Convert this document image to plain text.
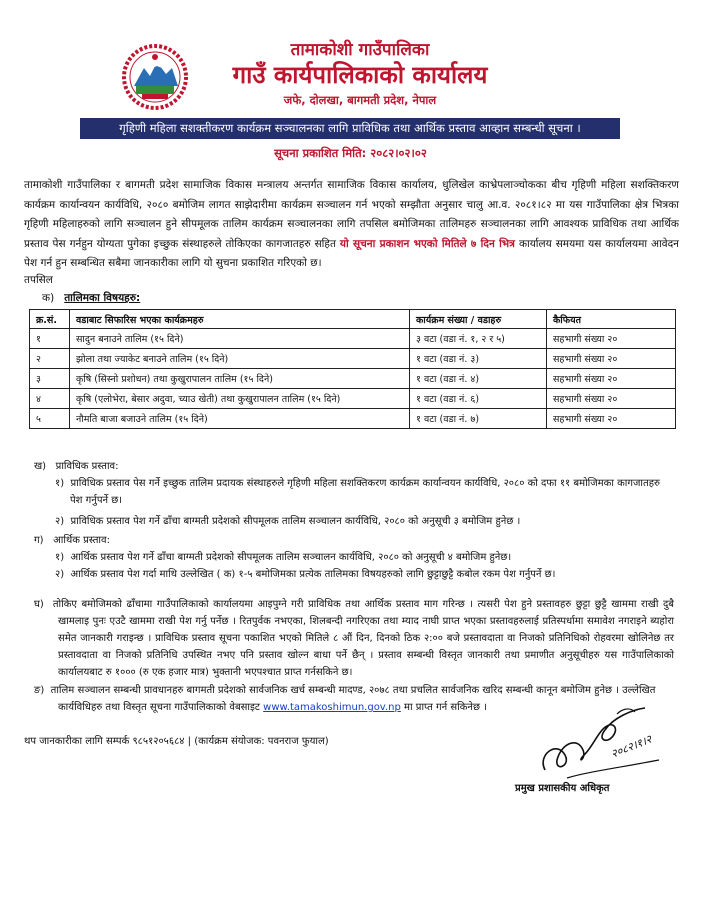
तामाकोशी गाउँपालिका
गाउँ कार्यपालिकाको कार्यालय
जफे, दोलखा, बागमती प्रदेश, नेपाल
गृहिणी महिला सशक्तीकरण कार्यक्रम सञ्चालनका लागि प्राविधिक तथा आर्थिक प्रस्ताव आव्हान सम्बन्धी सूचना ।
सूचना प्रकाशित मिति: २०८२।०२।०२
तामाकोशी गाउँपालिका र बागमती प्रदेश सामाजिक विकास मन्त्रालय अन्तर्गत सामाजिक विकास कार्यालय, धुलिखेल काभ्रेपलाञ्चोकका बीच गृहिणी महिला सशक्तिकरण कार्यक्रम कार्यान्वयन कार्यविधि, २०८० बमोजिम लागत साझेदारीमा कार्यक्रम सञ्चालन गर्न भएको सम्झौता अनुसार चालु आ.व. २०८१।८२ मा यस गाउँपालिका क्षेत्र भित्रका गृहिणी महिलाहरुको लागि सञ्चालन हुने सीपमूलक तालिम कार्यक्रम सञ्चालनका लागि तपसिल बमोजिमका तालिमहरु सञ्चालनका लागि आवश्यक प्राविधिक तथा आर्थिक प्रस्ताव पेस गर्नहुन योग्यता पुगेका इच्छुक संस्थाहरुले तोकिएका कागजातहरु सहित यो सूचना प्रकाशन भएको मितिले ७ दिन भित्र कार्यालय समयमा यस कार्यालयमा आवेदन पेश गर्न हुन सम्बन्धित सबैमा जानकारीका लागि यो सुचना प्रकाशित गरिएको छ।
तपसिल
क) तालिमका विषयहरु:
क्र.सं.	वडाबाट सिफारिस भएका कार्यक्रमहरु	कार्यक्रम संख्या / वडाहरु	कैफियत
१	सादुन बनाउने तालिम (१५ दिने)	३ वटा (वडा नं. १, २ र ५)	सहभागी संख्या २०
२	झोला तथा ज्याकेट बनाउने तालिम (१५ दिने)	१ वटा (वडा नं. ३)	सहभागी संख्या २०
३	कृषि (सिस्नो प्रशोधन) तथा कुखुरापालन तालिम (१५ दिने)	१ वटा (वडा नं. ४)	सहभागी संख्या २०
४	कृषि (एलोभेरा, बेसार अदुवा, च्याउ खेती) तथा कुखुरापालन तालिम (१५ दिने)	१ वटा (वडा नं. ६)	सहभागी संख्या २०
५	नौमति बाजा बजाउने तालिम (१५ दिने)	१ वटा (वडा नं. ७)	सहभागी संख्या २०
ख) प्राविधिक प्रस्ताव:
१) प्राविधिक प्रस्ताव पेस गर्ने इच्छुक तालिम प्रदायक संस्थाहरुले गृहिणी महिला सशक्तिकरण कार्यक्रम कार्यान्वयन कार्यविधि, २०८० को दफा ११ बमोजिमका कागजातहरु पेश गर्नुपर्ने छ।
२) प्राविधिक प्रस्ताव पेश गर्ने ढाँचा बाग्मती प्रदेशको सीपमूलक तालिम सञ्चालन कार्यविधि, २०८० को अनुसूची ३ बमोजिम हुनेछ ।
ग) आर्थिक प्रस्ताव:
१) आर्थिक प्रस्ताव पेश गर्ने ढाँचा बाग्मती प्रदेशको सीपमूलक तालिम सञ्चालन कार्यविधि, २०८० को अनुसूची ४ बमोजिम हुनेछ।
२) आर्थिक प्रस्ताव पेश गर्दा माथि उल्लेखित ( क) १-५ बमोजिमका प्रत्येक तालिमका विषयहरुको लागि छुट्टाछुट्टै कबोल रकम पेश गर्नुपर्ने छ।
घ) तोकिए बमोजिमको ढाँचामा गाउँपालिकाको कार्यालयमा आइपुग्ने गरी प्राविधिक तथा आर्थिक प्रस्ताव माग गरिन्छ । त्यसरी पेश हुने प्रस्तावहरु छुट्टा छुट्टै खाममा राखी दुबै खामलाइ पुनः एउटै खाममा राखी पेश गर्नु पर्नेछ । रितपुर्वक नभएका, शिलबन्दी नगरिएका तथा म्याद नाघी प्राप्त भएका प्रस्तावहरुलाई प्रतिस्पर्धामा समावेश नगराइने ब्यहोरा समेत जानकारी गराइन्छ । प्राविधिक प्रस्ताव सूचना पकाशित भएको मितिले ८ औं दिन, दिनको ठिक २:०० बजे प्रस्तावदाता वा निजको प्रतिनिधिको रोहवरमा खोलिनेछ तर प्रस्तावदाता वा निजको प्रतिनिधि उपस्थित नभए पनि प्रस्ताव खोल्न बाधा पर्ने छैन् । प्रस्ताव सम्बन्धी विस्तृत जानकारी तथा प्रमाणीत अनुसूचीहरु यस गाउँपालिकाको कार्यालयबाट रु १००० (रु एक हजार मात्र) भुक्तानी भएपश्चात प्राप्त गर्नसकिने छ।
ङ) तालिम सञ्चालन सम्बन्धी प्रावधानहरु बागमती प्रदेशको सार्वजनिक खर्च सम्बन्धी मादण्ड, २०७८ तथा प्रचलित सार्वजनिक खरिद सम्बन्धी कानून बमोजिम हुनेछ । उल्लेखित कार्यविधिहरु तथा विस्तृत सूचना गाउँपालिकाको वेबसाइट www.tamakoshimun.gov.np मा प्राप्त गर्न सकिनेछ ।
थप जानकारीका लागि सम्पर्क ९८५१२०५६८४ | (कार्यक्रम संयोजक: पवनराज फुयाल)	२०८२।१।२
प्रमुख प्रशासकीय अधिकृत
